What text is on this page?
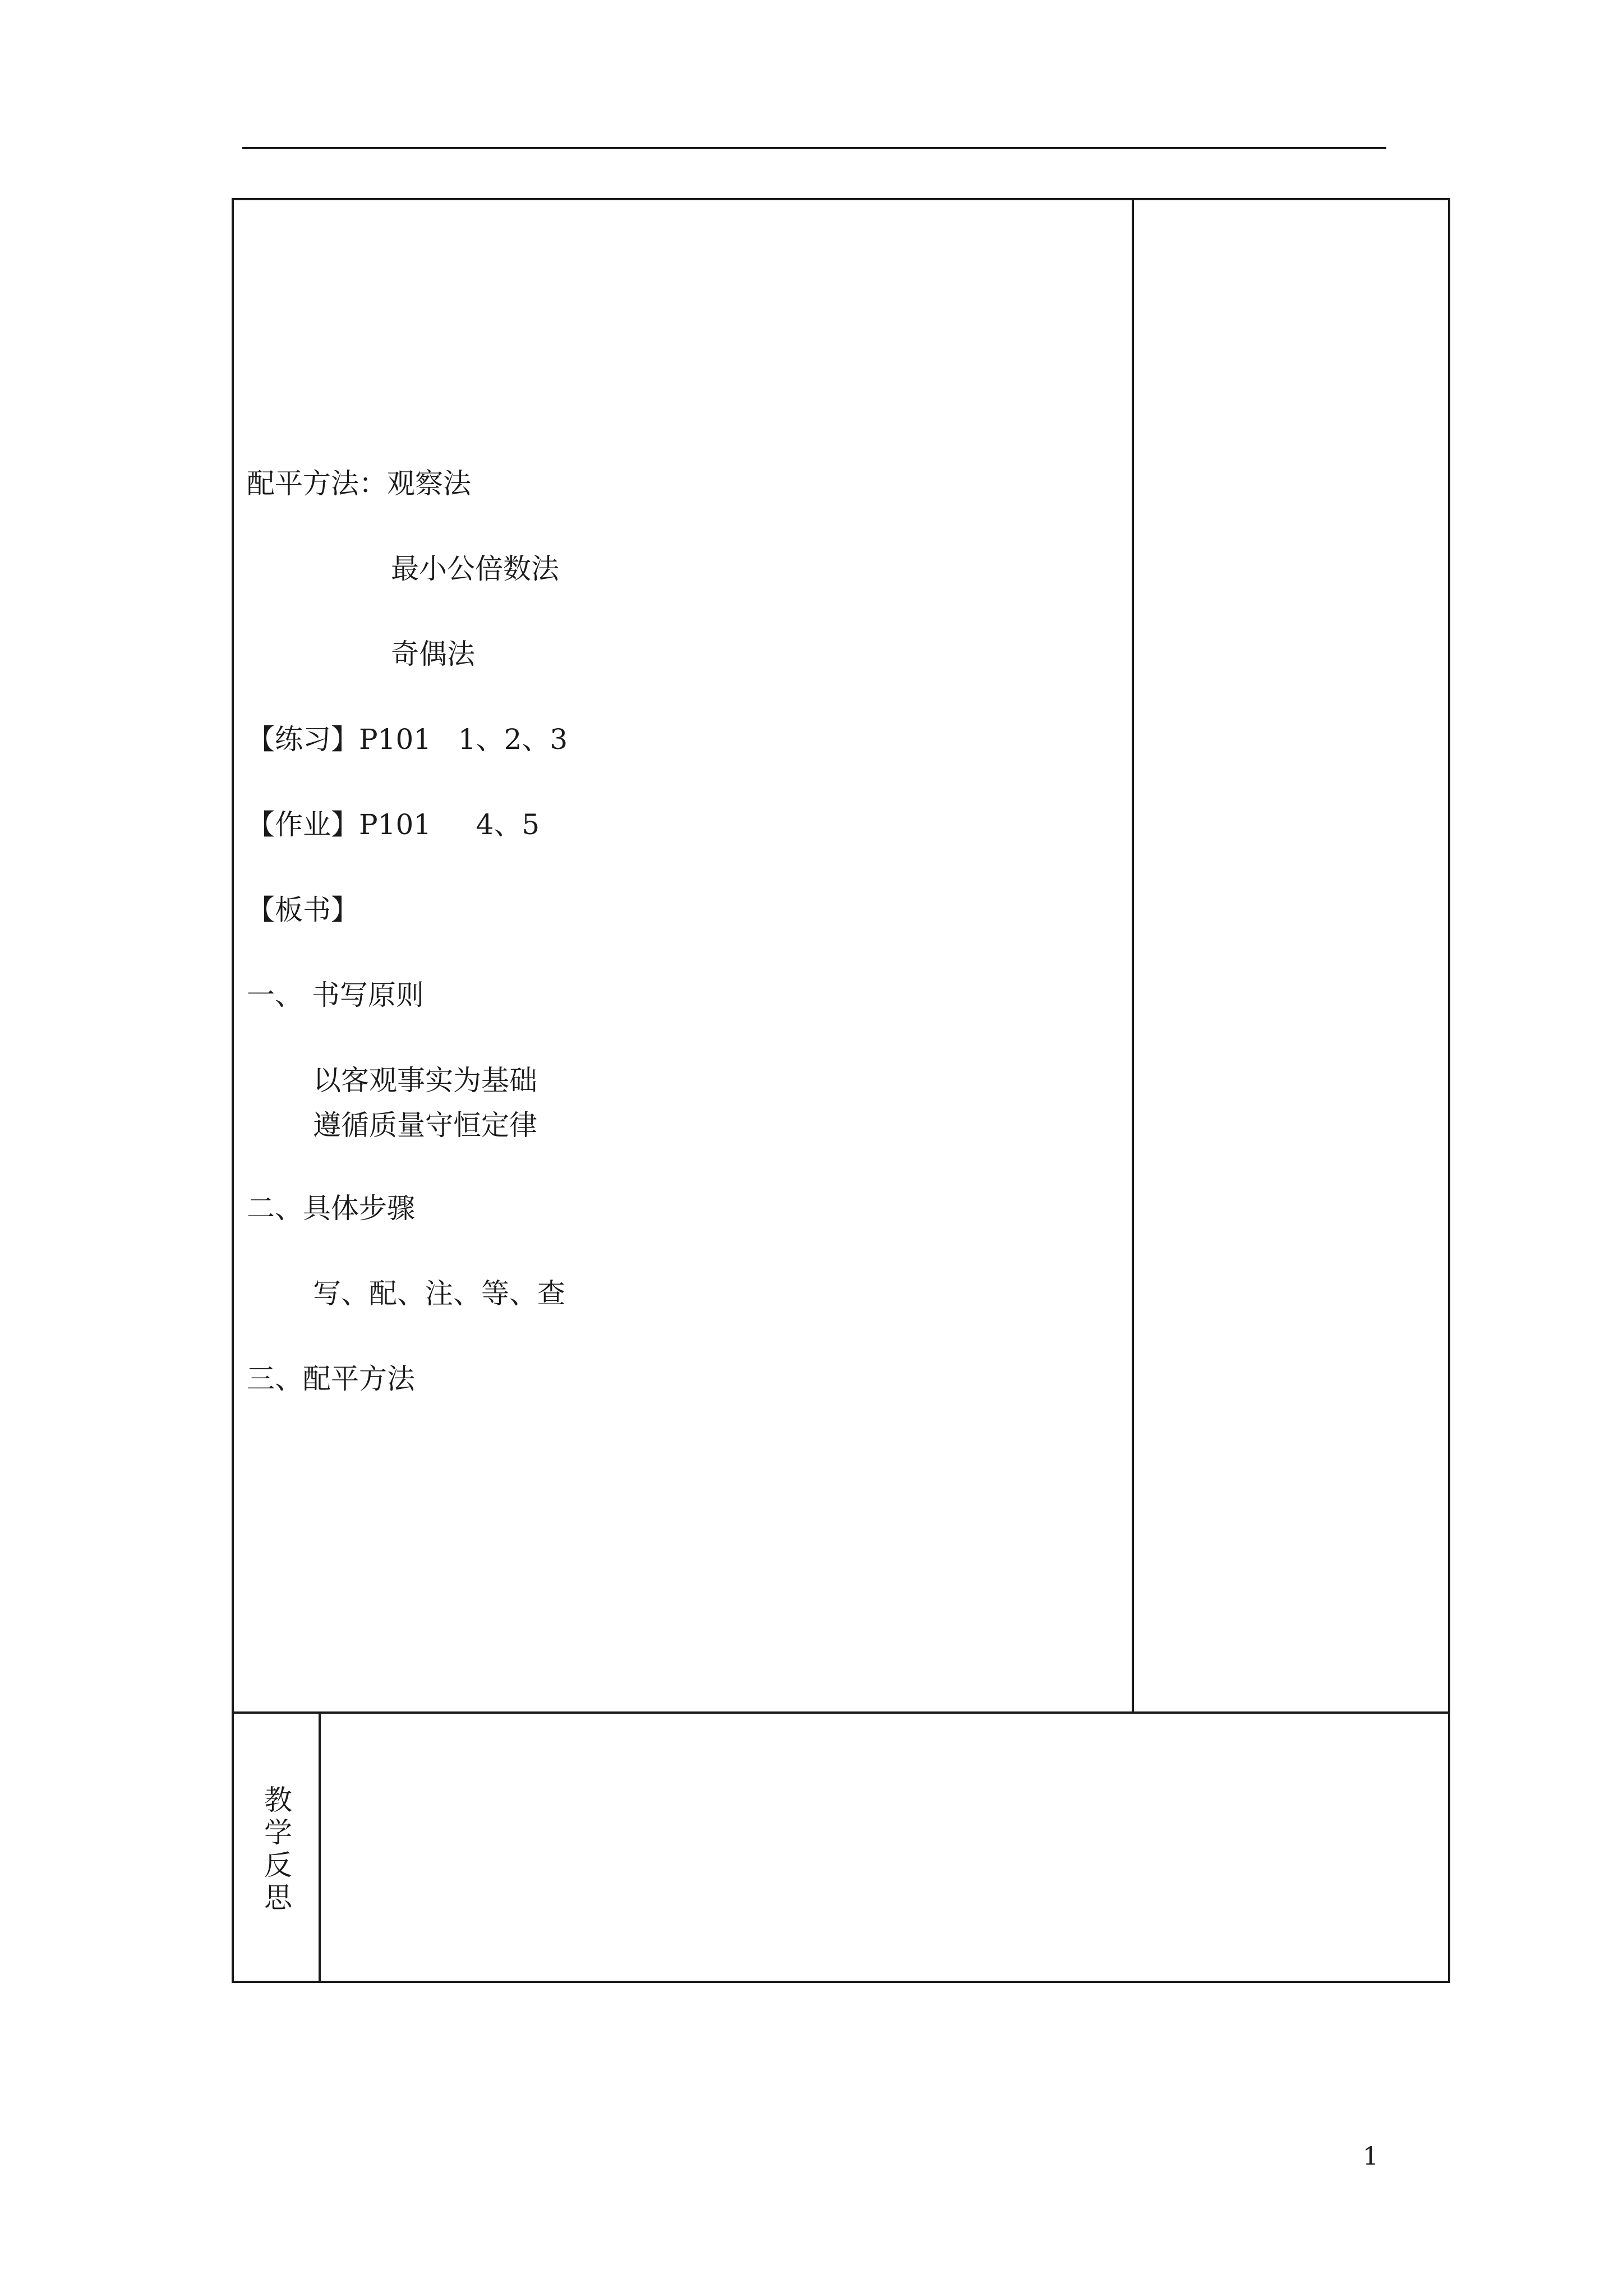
配平方法：观察法
最小公倍数法
奇偶法
【练习】P101   1、2、3
【作业】P101     4、5
【板书】
一、 书写原则
以客观事实为基础
遵循质量守恒定律
二、具体步骤
写、配、注、等、查
三、配平方法
教
学
反
思
1
